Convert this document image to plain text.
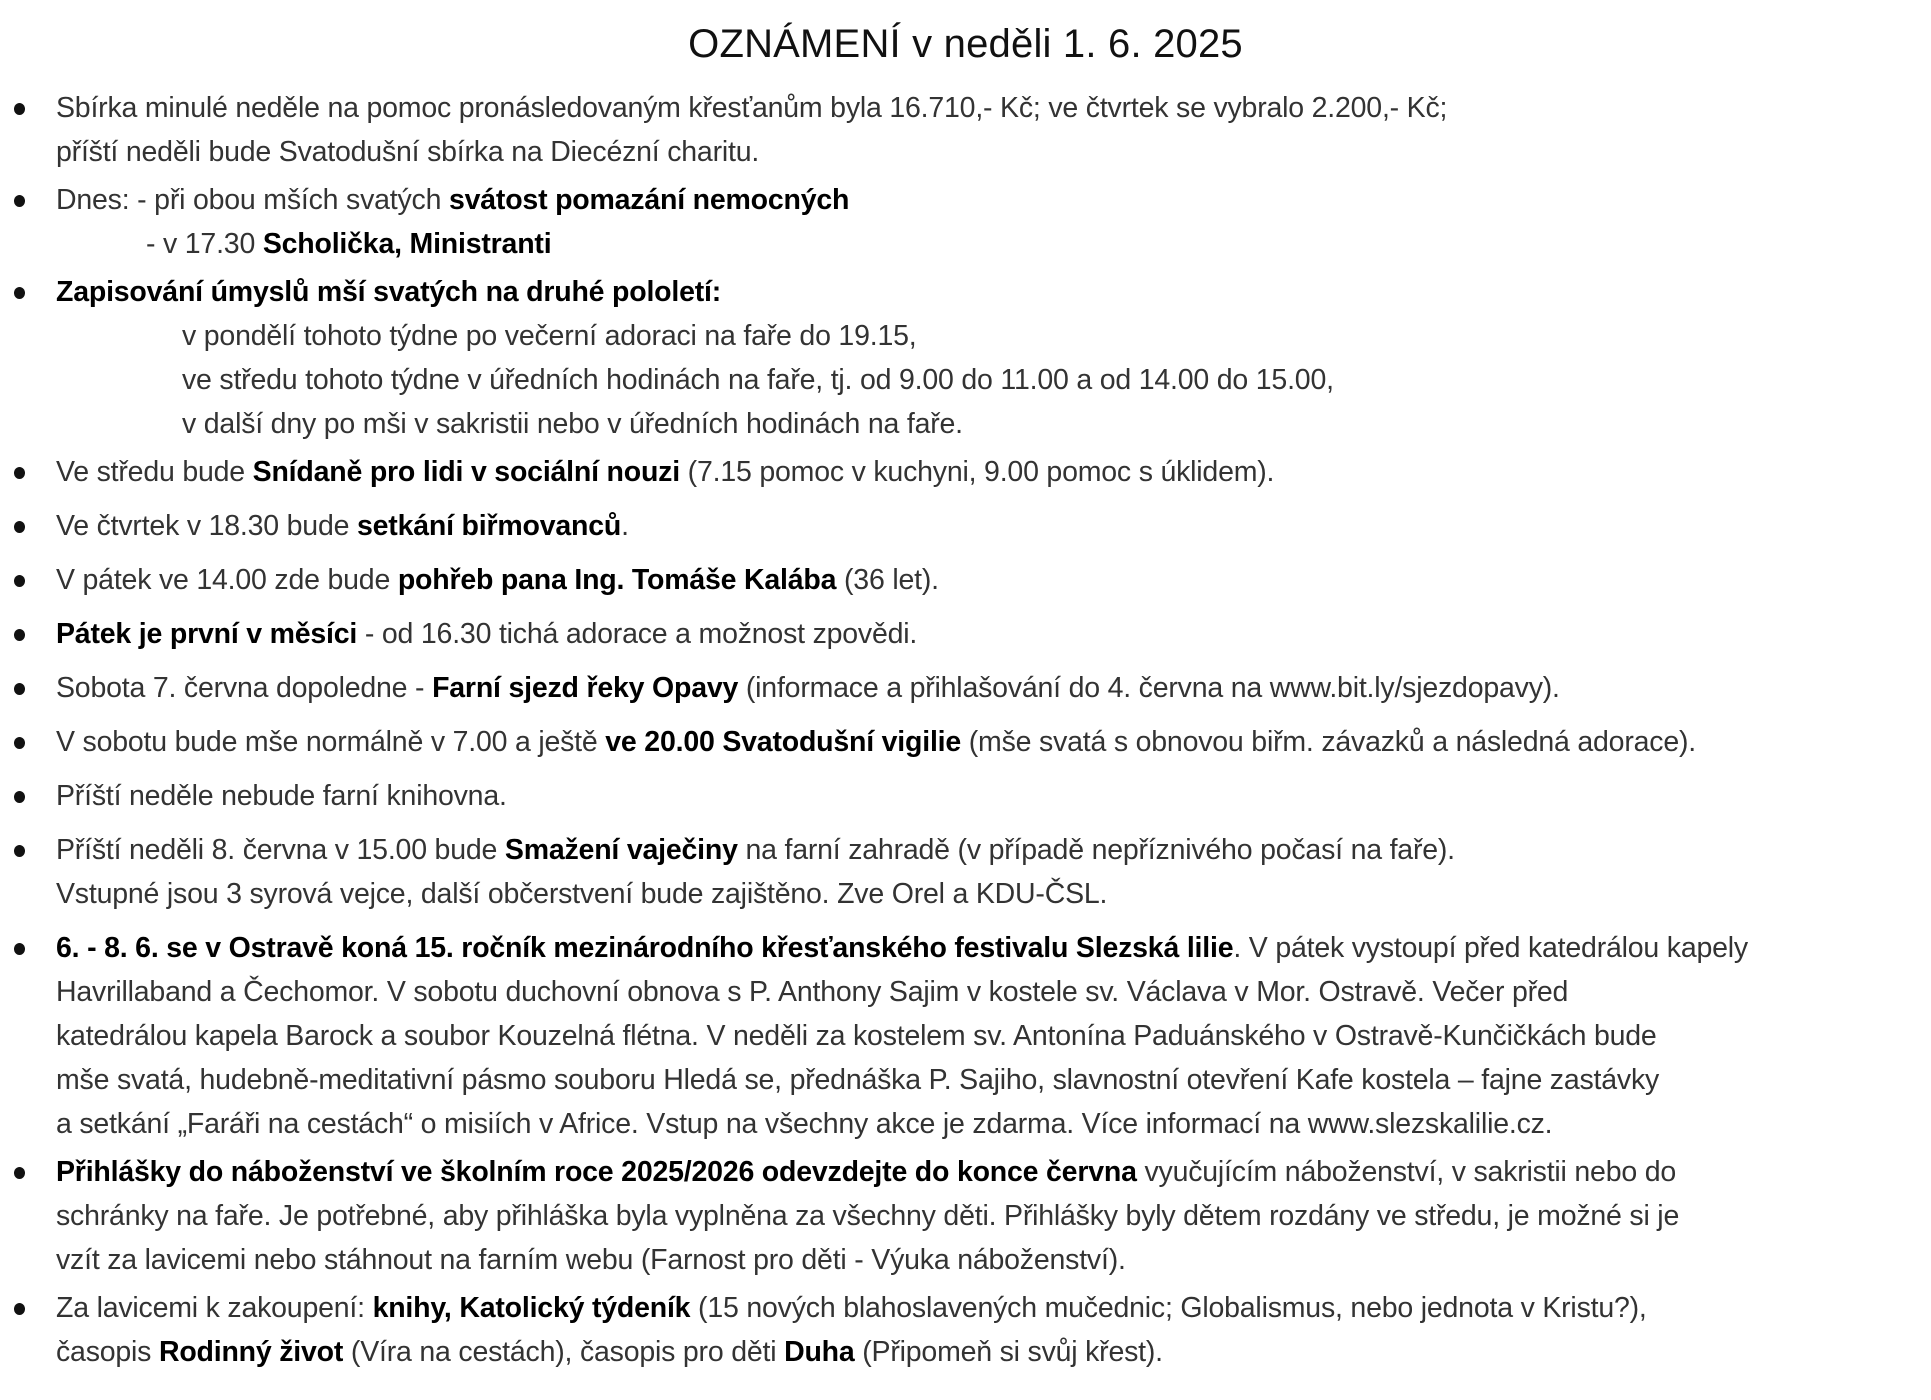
OZNÁMENÍ v neděli 1. 6. 2025
Sbírka minulé neděle na pomoc pronásledovaným křesťanům byla 16.710,- Kč; ve čtvrtek se vybralo 2.200,- Kč;
příští neděli bude Svatodušní sbírka na Diecézní charitu.
Dnes: - při obou mších svatých svátost pomazání nemocných
- v 17.30 Scholička, Ministranti
Zapisování úmyslů mší svatých na druhé pololetí:
v pondělí tohoto týdne po večerní adoraci na faře do 19.15,
ve středu tohoto týdne v úředních hodinách na faře, tj. od 9.00 do 11.00 a od 14.00 do 15.00,
v další dny po mši v sakristii nebo v úředních hodinách na faře.
Ve středu bude Snídaně pro lidi v sociální nouzi (7.15 pomoc v kuchyni, 9.00 pomoc s úklidem).
Ve čtvrtek v 18.30 bude setkání biřmovanců.
V pátek ve 14.00 zde bude pohřeb pana Ing. Tomáše Kalába (36 let).
Pátek je první v měsíci - od 16.30 tichá adorace a možnost zpovědi.
Sobota 7. června dopoledne - Farní sjezd řeky Opavy (informace a přihlašování do 4. června na www.bit.ly/sjezdopavy).
V sobotu bude mše normálně v 7.00 a ještě ve 20.00 Svatodušní vigilie (mše svatá s obnovou biřm. závazků a následná adorace).
Příští neděle nebude farní knihovna.
Příští neděli 8. června v 15.00 bude Smažení vaječiny na farní zahradě (v případě nepříznivého počasí na faře).
Vstupné jsou 3 syrová vejce, další občerstvení bude zajištěno. Zve Orel a KDU-ČSL.
6. - 8. 6. se v Ostravě koná 15. ročník mezinárodního křesťanského festivalu Slezská lilie. V pátek vystoupí před katedrálou kapely
Havrillaband a Čechomor. V sobotu duchovní obnova s P. Anthony Sajim v kostele sv. Václava v Mor. Ostravě. Večer před
katedrálou kapela Barock a soubor Kouzelná flétna. V neděli za kostelem sv. Antonína Paduánského v Ostravě-Kunčičkách bude
mše svatá, hudebně-meditativní pásmo souboru Hledá se, přednáška P. Sajiho, slavnostní otevření Kafe kostela – fajne zastávky
a setkání „Faráři na cestách“ o misiích v Africe. Vstup na všechny akce je zdarma. Více informací na www.slezskalilie.cz.
Přihlášky do náboženství ve školním roce 2025/2026 odevzdejte do konce června vyučujícím náboženství, v sakristii nebo do
schránky na faře. Je potřebné, aby přihláška byla vyplněna za všechny děti. Přihlášky byly dětem rozdány ve středu, je možné si je
vzít za lavicemi nebo stáhnout na farním webu (Farnost pro děti - Výuka náboženství).
Za lavicemi k zakoupení: knihy, Katolický týdeník (15 nových blahoslavených mučednic; Globalismus, nebo jednota v Kristu?),
časopis Rodinný život (Víra na cestách), časopis pro děti Duha (Připomeň si svůj křest).
